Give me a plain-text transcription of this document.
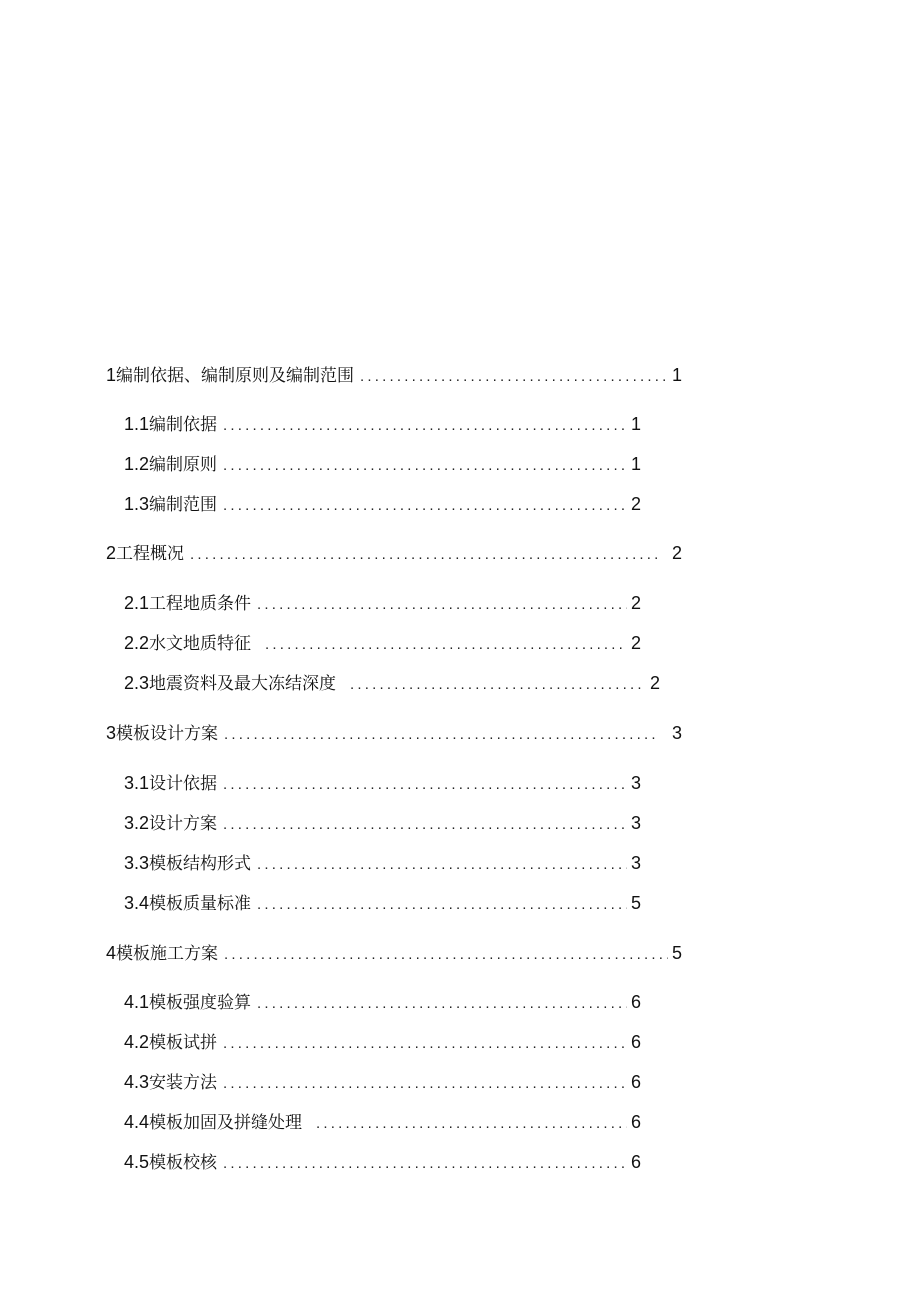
1编制依据、编制原则及编制范围 .....	1
1.1编制依据 .....	1
1.2编制原则 .....	1
1.3编制范围 .....	2
2工程概况 .....	2
2.1工程地质条件 .....	2
2.2水文地质特征 .....	2
2.3地震资料及最大冻结深度 .....	2
3模板设计方案 .....	3
3.1设计依据 .....	3
3.2设计方案 .....	3
3.3模板结构形式 .....	3
3.4模板质量标准 .....	5
4模板施工方案 .....	5
4.1模板强度验算 .....	6
4.2模板试拼 .....	6
4.3安装方法 .....	6
4.4模板加固及拼缝处理 .....	6
4.5模板校核 .....	6
